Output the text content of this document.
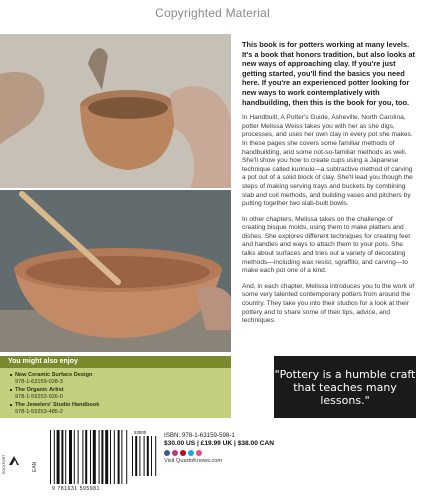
Copyrighted Material

This book is for potters working at many levels. It's a book that honors tradition, but also looks at new ways of approaching clay. If you're just getting started, you'll find the basics you need here. If you're an experienced potter looking for new ways to work contemplatively with handbuilding, then this is the book for you, too.

In Handbuilt, A Potter's Guide, Asheville, North Carolina, potter Melissa Weiss takes you with her as she digs, processes, and uses her own clay in every pot she makes. In these pages she covers some familiar methods of handbuilding, and some not-so-familiar methods as well. She'll show you how to create cups using a Japanese technique called kurinuki—a subtractive method of carving a pot out of a solid block of clay. She'll lead you though the steps of making serving trays and buckets by combining slab and coil methods, and building vases and pitchers by putting together two slab-built bowls.

In other chapters, Melissa takes on the challenge of creating bisque molds, using them to make platters and dishes. She explores different techniques for creating feet and handles and ways to attach them to your pots. She talks about surfaces and tries out a variety of decorating methods—including wax resist, sgraffito, and carving—to make each pot one of a kind.

And, in each chapter, Melissa introduces you to the work of some very talented contemporary potters from around the country. They take you into their studios for a look at their pottery and to share some of their tips, advice, and techniques.

You might also enjoy
New Ceramic Surface Design
978-1-63159-028-3
The Organic Artist
978-1-59253-926-0
The Jewelers' Studio Handbook
978-1-59253-485-2
"Pottery is a humble craft that teaches many lessons."
ROCKPORT	EAN
9 781631 595981
53000	ISBN: 978-1-63159-598-1
$30.00 US | £19.99 UK | $38.00 CAN
Visit QuartoKnows.com
